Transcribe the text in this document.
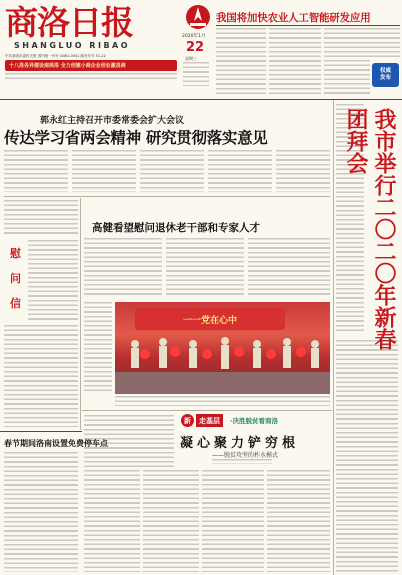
商洛日报
SHANGLUO RIBAO
中共商洛市委机关报 国内统一刊号 CN61-0041 邮发代号 51-22
十八洛各异建设南商洛 全力创建小商企业创业激昌商
2020年1月
22
星期三
我国将加快农业人工智能研发应用
权威发布
郭永红主持召开市委常委会扩大会议
传达学习省两会精神 研究贯彻落实意见	我市举行二〇二〇年新春团拜会
慰
问
信
高健看望慰问退休老干部和专家人才
一一党在心中
新 走基层 ·决胜脱贫看商洛
凝心聚力铲穷根
——脱贫攻坚的柞水模式
春节期间洛南设置免费停车点
